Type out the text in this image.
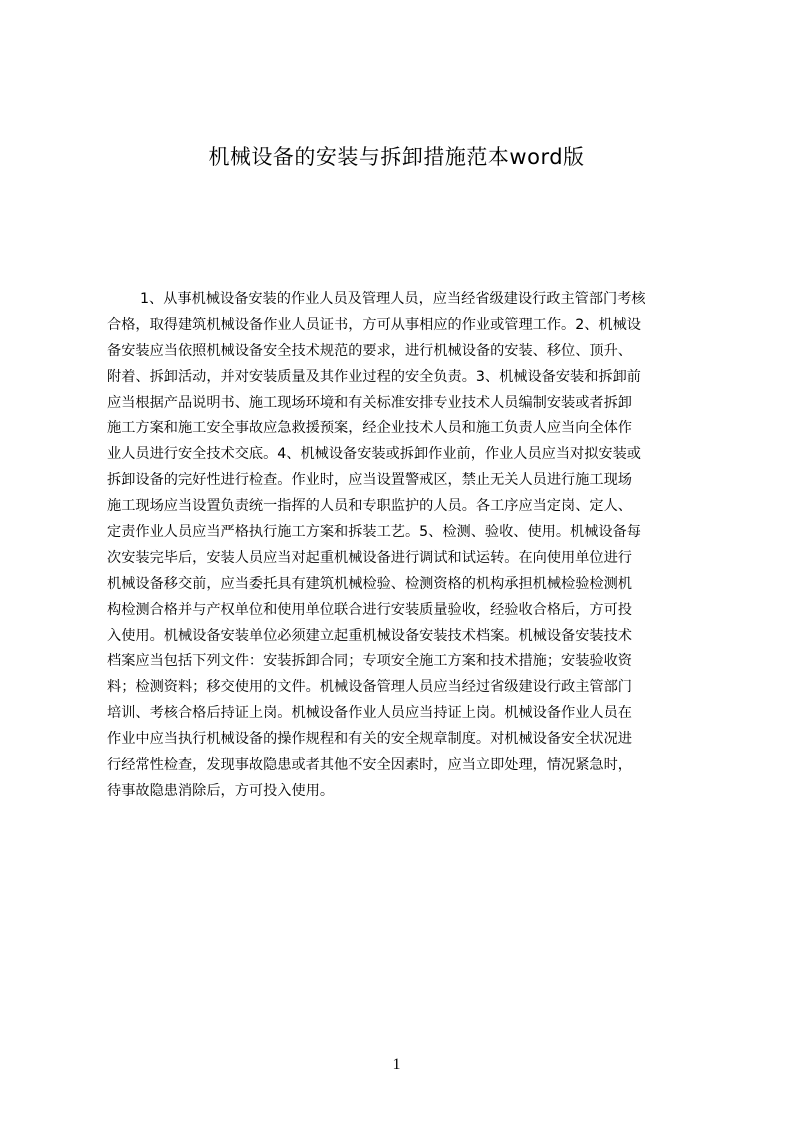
机械设备的安装与拆卸措施范本word版
1、从事机械设备安装的作业人员及管理人员，应当经省级建设行政主管部门考核
合格，取得建筑机械设备作业人员证书，方可从事相应的作业或管理工作。2、机械设
备安装应当依照机械设备安全技术规范的要求，进行机械设备的安装、移位、顶升、
附着、拆卸活动，并对安装质量及其作业过程的安全负责。3、机械设备安装和拆卸前
应当根据产品说明书、施工现场环境和有关标准安排专业技术人员编制安装或者拆卸
施工方案和施工安全事故应急救援预案，经企业技术人员和施工负责人应当向全体作
业人员进行安全技术交底。4、机械设备安装或拆卸作业前，作业人员应当对拟安装或
拆卸设备的完好性进行检查。作业时，应当设置警戒区，禁止无关人员进行施工现场
施工现场应当设置负责统一指挥的人员和专职监护的人员。各工序应当定岗、定人、
定责作业人员应当严格执行施工方案和拆装工艺。5、检测、验收、使用。机械设备每
次安装完毕后，安装人员应当对起重机械设备进行调试和试运转。在向使用单位进行
机械设备移交前，应当委托具有建筑机械检验、检测资格的机构承担机械检验检测机
构检测合格并与产权单位和使用单位联合进行安装质量验收，经验收合格后，方可投
入使用。机械设备安装单位必须建立起重机械设备安装技术档案。机械设备安装技术
档案应当包括下列文件：安装拆卸合同；专项安全施工方案和技术措施；安装验收资
料；检测资料；移交使用的文件。机械设备管理人员应当经过省级建设行政主管部门
培训、考核合格后持证上岗。机械设备作业人员应当持证上岗。机械设备作业人员在
作业中应当执行机械设备的操作规程和有关的安全规章制度。对机械设备安全状况进
行经常性检查，发现事故隐患或者其他不安全因素时，应当立即处理，情况紧急时，
待事故隐患消除后，方可投入使用。
1
